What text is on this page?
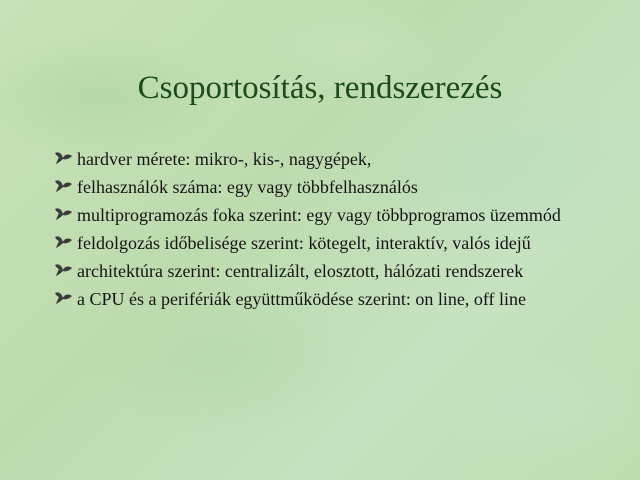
Csoportosítás, rendszerezés
hardver mérete: mikro-, kis-, nagygépek,
felhasználók száma: egy vagy többfelhasználós
multiprogramozás foka szerint: egy vagy többprogramos üzemmód
feldolgozás időbelisége szerint: kötegelt, interaktív, valós idejű
architektúra szerint: centralizált, elosztott, hálózati rendszerek
a CPU és a perifériák együttműködése szerint: on line, off line
